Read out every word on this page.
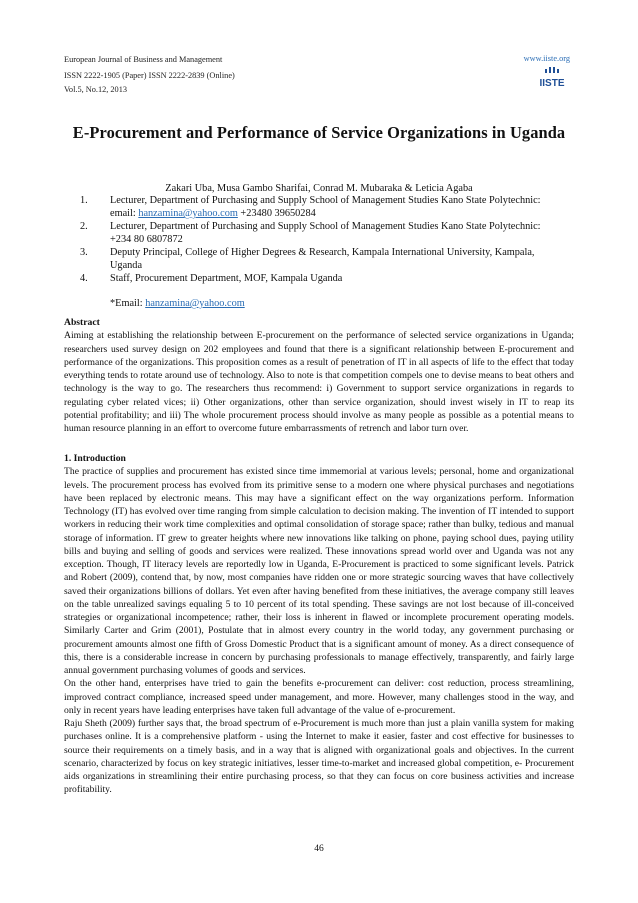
European Journal of Business and Management
ISSN 2222-1905 (Paper) ISSN 2222-2839 (Online)
Vol.5, No.12, 2013
www.iiste.org
IISTE
E-Procurement and Performance of Service Organizations in Uganda
Zakari Uba, Musa Gambo Sharifai, Conrad M. Mubaraka & Leticia Agaba
1. Lecturer, Department of Purchasing and Supply School of Management Studies Kano State Polytechnic:
email: hanzamina@yahoo.com +23480 39650284
2. Lecturer, Department of Purchasing and Supply School of Management Studies Kano State Polytechnic:
+234 80 6807872
3. Deputy Principal, College of Higher Degrees & Research, Kampala International University, Kampala,
Uganda
4. Staff, Procurement Department, MOF, Kampala Uganda
*Email: hanzamina@yahoo.com
Abstract
Aiming at establishing the relationship between E-procurement on the performance of selected service organizations in Uganda; researchers used survey design on 202 employees and found that there is a significant relationship between E-procurement and performance of the organizations. This proposition comes as a result of penetration of IT in all aspects of life to the effect that today everything tends to rotate around use of technology. Also to note is that competition compels one to devise means to beat others and technology is the way to go. The researchers thus recommend: i) Government to support service organizations in regards to regulating cyber related vices; ii) Other organizations, other than service organization, should invest wisely in IT to reap its potential profitability; and iii) The whole procurement process should involve as many people as possible as a potential means to human resource planning in an effort to overcome future embarrassments of retrench and labor turn over.
1. Introduction
The practice of supplies and procurement has existed since time immemorial at various levels; personal, home and organizational levels. The procurement process has evolved from its primitive sense to a modern one where physical purchases and negotiations have been replaced by electronic means. This may have a significant effect on the way organizations perform. Information Technology (IT) has evolved over time ranging from simple calculation to decision making. The invention of IT intended to support workers in reducing their work time complexities and optimal consolidation of storage space; rather than bulky, tedious and manual storage of information. IT grew to greater heights where new innovations like talking on phone, paying school dues, paying utility bills and buying and selling of goods and services were realized. These innovations spread world over and Uganda was not any exception. Though, IT literacy levels are reportedly low in Uganda, E-Procurement is practiced to some significant levels. Patrick and Robert (2009), contend that, by now, most companies have ridden one or more strategic sourcing waves that have collectively saved their organizations billions of dollars. Yet even after having benefited from these initiatives, the average company still leaves on the table unrealized savings equaling 5 to 10 percent of its total spending. These savings are not lost because of ill-conceived strategies or organizational incompetence; rather, their loss is inherent in flawed or incomplete procurement operating models. Similarly Carter and Grim (2001), Postulate that in almost every country in the world today, any government purchasing or procurement amounts almost one fifth of Gross Domestic Product that is a significant amount of money. As a direct consequence of this, there is a considerable increase in concern by purchasing professionals to manage effectively, transparently, and fairly large annual government purchasing volumes of goods and services.
On the other hand, enterprises have tried to gain the benefits e-procurement can deliver: cost reduction, process streamlining, improved contract compliance, increased speed under management, and more. However, many challenges stood in the way, and only in recent years have leading enterprises have taken full advantage of the value of e-procurement.
Raju Sheth (2009) further says that, the broad spectrum of e-Procurement is much more than just a plain vanilla system for making purchases online. It is a comprehensive platform - using the Internet to make it easier, faster and cost effective for businesses to source their requirements on a timely basis, and in a way that is aligned with organizational goals and objectives. In the current scenario, characterized by focus on key strategic initiatives, lesser time-to-market and increased global competition, e- Procurement aids organizations in streamlining their entire purchasing process, so that they can focus on core business activities and increase profitability.
46
